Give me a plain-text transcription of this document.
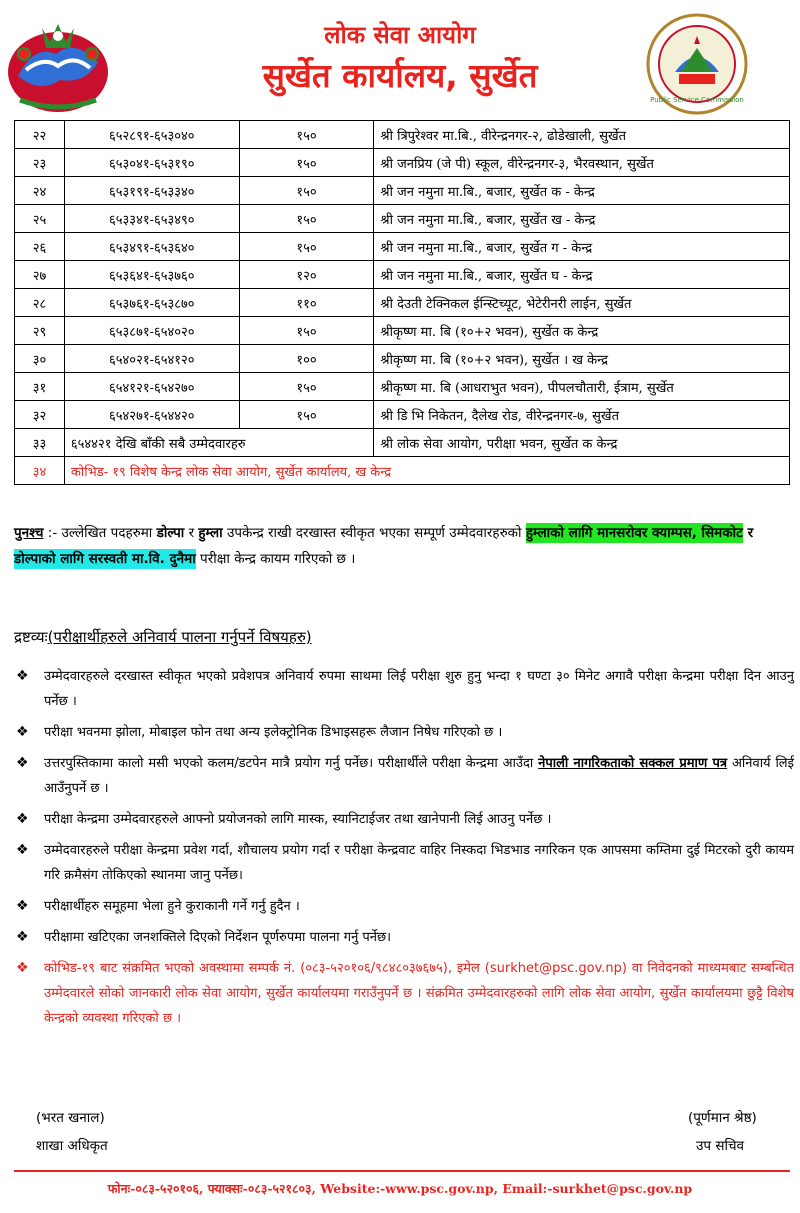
लोक सेवा आयोग
सुर्खेत कार्यालय, सुर्खेत
Public Service Commission
२२	६५२८९१-६५३०४०	१५०	श्री त्रिपुरेश्वर मा.बि., वीरेन्द्रनगर-२, ढोडेखाली, सुर्खेत
२३	६५३०४१-६५३१९०	१५०	श्री जनप्रिय (जे पी) स्कूल, वीरेन्द्रनगर-३, भैरवस्थान, सुर्खेत
२४	६५३१९१-६५३३४०	१५०	श्री जन नमुना मा.बि., बजार, सुर्खेत क - केन्द्र
२५	६५३३४१-६५३४९०	१५०	श्री जन नमुना मा.बि., बजार, सुर्खेत ख - केन्द्र
२६	६५३४९१-६५३६४०	१५०	श्री जन नमुना मा.बि., बजार, सुर्खेत ग - केन्द्र
२७	६५३६४१-६५३७६०	१२०	श्री जन नमुना मा.बि., बजार, सुर्खेत घ - केन्द्र
२८	६५३७६१-६५३८७०	११०	श्री देउती टेक्निकल ईन्स्टिच्यूट, भेटेरीनरी लाईन, सुर्खेत
२९	६५३८७१-६५४०२०	१५०	श्रीकृष्ण मा. बि (१०+२ भवन), सुर्खेत क केन्द्र
३०	६५४०२१-६५४१२०	१००	श्रीकृष्ण मा. बि (१०+२ भवन), सुर्खेत । ख केन्द्र
३१	६५४१२१-६५४२७०	१५०	श्रीकृष्ण मा. बि (आधराभुत भवन), पीपलचौतारी, ईत्राम, सुर्खेत
३२	६५४२७१-६५४४२०	१५०	श्री डि भि निकेतन, दैलेख रोड, वीरेन्द्रनगर-७, सुर्खेत
३३	६५४४२१ देखि बाँकी सबै उम्मेदवारहरु		श्री लोक सेवा आयोग, परीक्षा भवन, सुर्खेत क केन्द्र
३४	कोभिड- १९ विशेष केन्द्र लोक सेवा आयोग, सुर्खेत कार्यालय, ख केन्द्र		
पुनश्च :- उल्लेखित पदहरुमा डोल्पा र हुम्ला उपकेन्द्र राखी दरखास्त स्वीकृत भएका सम्पूर्ण उम्मेदवारहरुको हुम्लाको लागि मानसरोवर क्याम्पस, सिमकोट र डोल्पाको लागि सरस्वती मा.वि. दुनैमा परीक्षा केन्द्र कायम गरिएको छ ।
द्रष्टव्यः(परीक्षार्थीहरुले अनिवार्य पालना गर्नुपर्ने विषयहरु)
❖ उम्मेदवारहरुले दरखास्त स्वीकृत भएको प्रवेशपत्र अनिवार्य रुपमा साथमा लिई परीक्षा शुरु हुनु भन्दा १ घण्टा ३० मिनेट अगावै परीक्षा केन्द्रमा परीक्षा दिन आउनु पर्नेछ ।
❖ परीक्षा भवनमा झोला, मोबाइल फोन तथा अन्य इलेक्ट्रोनिक डिभाइसहरू लैजान निषेध गरिएको छ ।
❖ उत्तरपुस्तिकामा कालो मसी भएको कलम/डटपेन मात्रै प्रयोग गर्नु पर्नेछ। परीक्षार्थीले परीक्षा केन्द्रमा आउँदा नेपाली नागरिकताको सक्कल प्रमाण पत्र अनिवार्य लिई आउँनुपर्ने छ ।
❖ परीक्षा केन्द्रमा उम्मेदवारहरुले आफ्नो प्रयोजनको लागि मास्क, स्यानिटाईजर तथा खानेपानी लिई आउनु पर्नेछ ।
❖ उम्मेदवारहरुले परीक्षा केन्द्रमा प्रवेश गर्दा, शौचालय प्रयोग गर्दा र परीक्षा केन्द्रवाट वाहिर निस्कदा भिडभाड नगरिकन एक आपसमा कम्तिमा दुई मिटरको दुरी कायम गरि क्रमैसंग तोकिएको स्थानमा जानु पर्नेछ।
❖ परीक्षार्थीहरु समूहमा भेला हुने कुराकानी गर्ने गर्नु हुदैन ।
❖ परीक्षामा खटिएका जनशक्तिले दिएको निर्देशन पूर्णरुपमा पालना गर्नु पर्नेछ।
❖ कोभिड-१९ बाट संक्रमित भएको अवस्थामा सम्पर्क नं. (०८३-५२०१०६/९८४८०३७६७५), इमेल (surkhet@psc.gov.np) वा निवेदनको माध्यमबाट सम्बन्धित उम्मेदवारले सोको जानकारी लोक सेवा आयोग, सुर्खेत कार्यालयमा गराउँनुपर्ने छ । संक्रमित उम्मेदवारहरुको लागि लोक सेवा आयोग, सुर्खेत कार्यालयमा छुट्टै विशेष केन्द्रको व्यवस्था गरिएको छ ।
(भरत खनाल)
शाखा अधिकृत
(पूर्णमान श्रेष्ठ)
उप सचिव
फोनः-०८३-५२०१०६, फ्याक्सः-०८३-५२१८०३, Website:-www.psc.gov.np, Email:-surkhet@psc.gov.np
